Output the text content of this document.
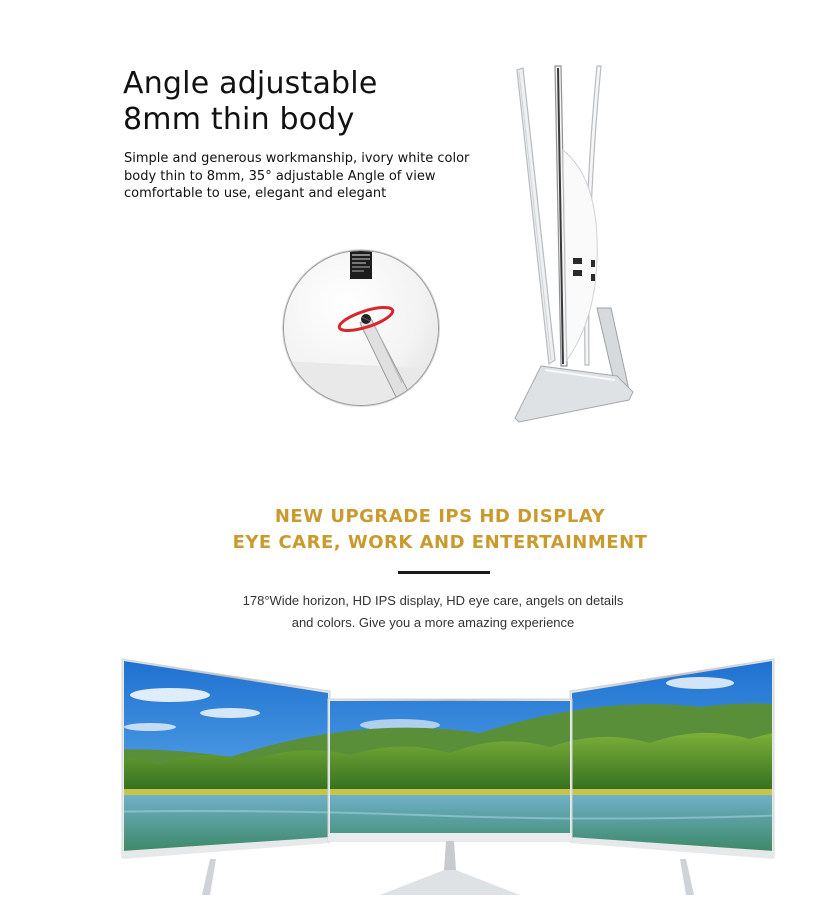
Angle adjustable
8mm thin body

Simple and generous workmanship, ivory white color
body thin to 8mm, 35° adjustable Angle of view
comfortable to use, elegant and elegant

NEW UPGRADE IPS HD DISPLAY
EYE CARE, WORK AND ENTERTAINMENT

178°Wide horizon, HD IPS display, HD eye care, angels on details
and colors. Give you a more amazing experience
